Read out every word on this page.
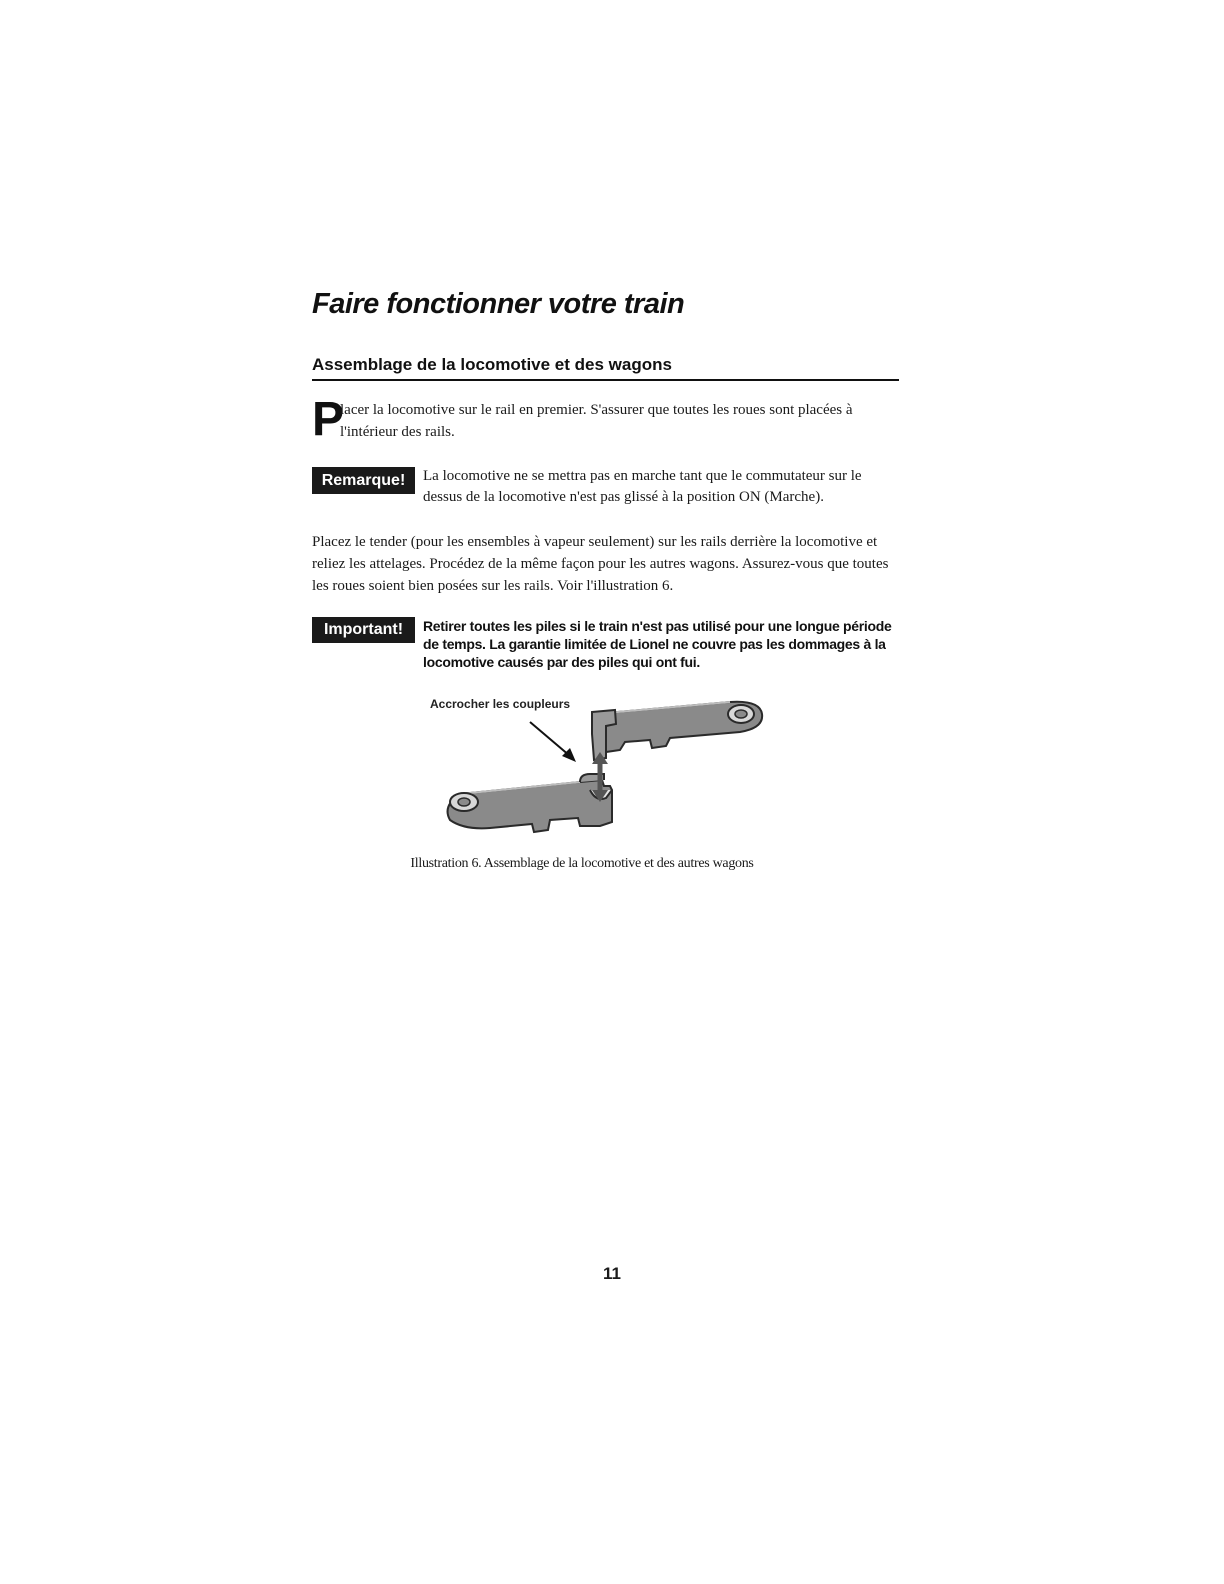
Faire fonctionner votre train
Assemblage de la locomotive et des wagons
P
lacer la locomotive sur le rail en premier. S'assurer que toutes les roues sont placées à l'intérieur des rails.
Remarque!	La locomotive ne se mettra pas en marche tant que le commutateur sur le dessus de la locomotive n'est pas glissé à la position ON (Marche).
Placez le tender (pour les ensembles à vapeur seulement) sur les rails derrière la locomotive et reliez les attelages. Procédez de la même façon pour les autres wagons. Assurez-vous que toutes les roues soient bien posées sur les rails. Voir l'illustration 6.
Important!	Retirer toutes les piles si le train n'est pas utilisé pour une longue période de temps. La garantie limitée de Lionel ne couvre pas les dommages à la locomotive causés par des piles qui ont fui.
Accrocher les coupleurs
Illustration 6. Assemblage de la locomotive et des autres wagons
11
